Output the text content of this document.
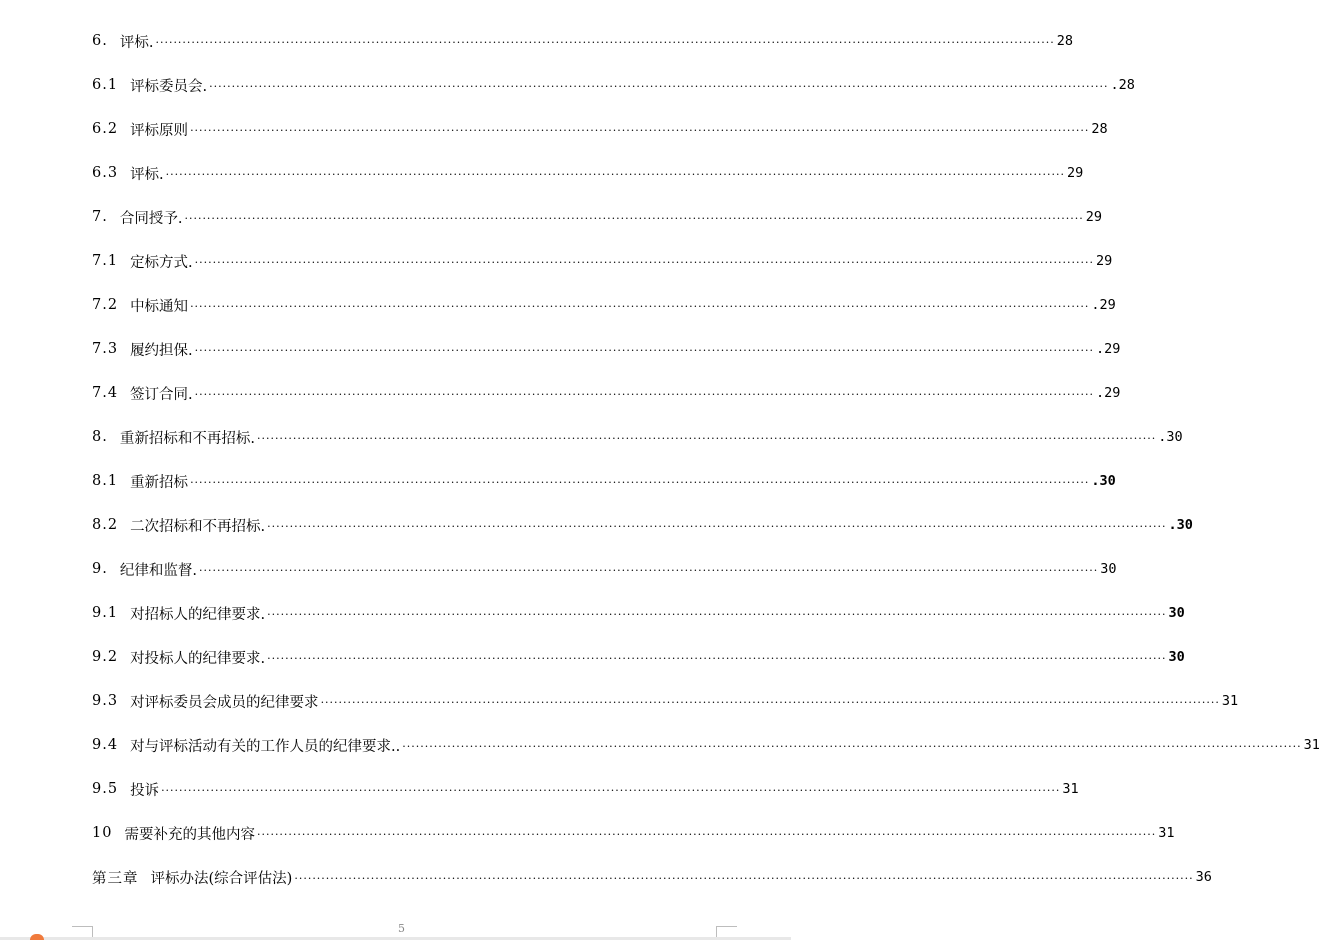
6. 评标. ········································································································································································································ 28
6.1 评标委员会. ········································································································································································································ .28
6.2 评标原则 ········································································································································································································ 28
6.3 评标. ········································································································································································································ 29
7. 合同授予. ········································································································································································································ 29
7.1 定标方式. ········································································································································································································ 29
7.2 中标通知 ········································································································································································································ .29
7.3 履约担保. ········································································································································································································ .29
7.4 签订合同. ········································································································································································································ .29
8. 重新招标和不再招标. ········································································································································································································ .30
8.1 重新招标 ········································································································································································································ .30
8.2 二次招标和不再招标. ········································································································································································································ .30
9. 纪律和监督. ········································································································································································································ 30
9.1 对招标人的纪律要求. ········································································································································································································ 30
9.2 对投标人的纪律要求. ········································································································································································································ 30
9.3 对评标委员会成员的纪律要求 ········································································································································································································ 31
9.4 对与评标活动有关的工作人员的纪律要求.. ········································································································································································································ 31
9.5 投诉 ········································································································································································································ 31
10 需要补充的其他内容 ········································································································································································································ 31
第三章 评标办法(综合评估法) ········································································································································································································ 36
5
